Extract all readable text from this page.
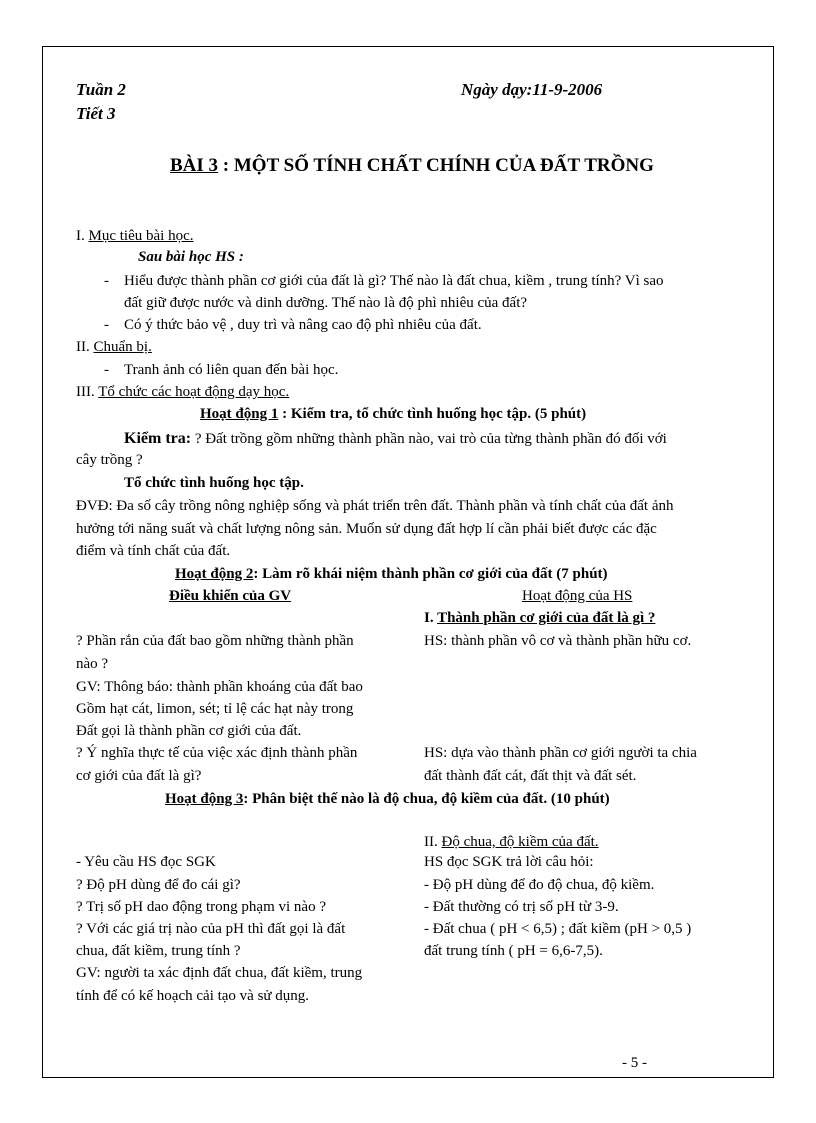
Tuần 2
Tiết 3
Ngày dạy:11-9-2006
BÀI 3 : MỘT SỐ TÍNH CHẤT CHÍNH CỦA ĐẤT TRỒNG
I. Mục tiêu bài học.
Sau bài học HS :
- Hiểu được thành phần cơ giới của đất là gì? Thế nào là đất chua, kiềm , trung tính? Vì sao
đất giữ được nước và dinh dưỡng. Thế nào là độ phì nhiêu của đất?
- Có ý thức bảo vệ , duy trì và nâng cao độ phì nhiêu của đất.
II. Chuẩn bị.
- Tranh ảnh có liên quan đến bài học.
III. Tổ chức các hoạt động dạy học.
Hoạt động 1 : Kiểm tra, tổ chức tình huống học tập. (5 phút)
Kiểm tra: ? Đất trồng gồm những thành phần nào, vai trò của từng thành phần đó đối với
cây trồng ?
Tổ chức tình huống học tập.
ĐVĐ: Đa số cây trồng nông nghiệp sống và phát triển trên đất. Thành phần và tính chất của đất ảnh
hưởng tới năng suất và chất lượng nông sản. Muốn sử dụng đất hợp lí cần phải biết được các đặc
điểm và tính chất của đất.
Hoạt động 2: Làm rõ khái niệm thành phần cơ giới của đất (7 phút)
Điều khiển của GV	Hoạt động của HS
I. Thành phần cơ giới của đất là gì ?
? Phần rắn của đất bao gồm những thành phần
nào ?
GV: Thông báo: thành phần khoáng của đất bao
Gồm hạt cát, limon, sét; tỉ lệ các hạt này trong
Đất gọi là thành phần cơ giới của đất.
? Ý nghĩa thực tế của việc xác định thành phần
cơ giới của đất là gì?
HS: thành phần vô cơ và thành phần hữu cơ.
HS: dựa vào thành phần cơ giới người ta chia
đất thành đất cát, đất thịt và đất sét.
Hoạt động 3: Phân biệt thế nào là độ chua, độ kiềm của đất. (10 phút)
II. Độ chua, độ kiềm của đất.
- Yêu cầu HS đọc SGK
? Độ pH dùng để đo cái gì?
? Trị số pH dao động trong phạm vi nào ?
? Với các giá trị nào của pH thì đất gọi là đất
chua, đất kiềm, trung tính ?
GV: người ta xác định đất chua, đất kiềm, trung
tính để có kế hoạch cải tạo và sử dụng.
HS đọc SGK trả lời câu hỏi:
- Độ pH dùng để đo độ chua, độ kiềm.
- Đất thường có trị số pH từ 3-9.
- Đất chua ( pH < 6,5) ; đất kiềm (pH > 0,5 )
đất trung tính ( pH = 6,6-7,5).
- 5 -
